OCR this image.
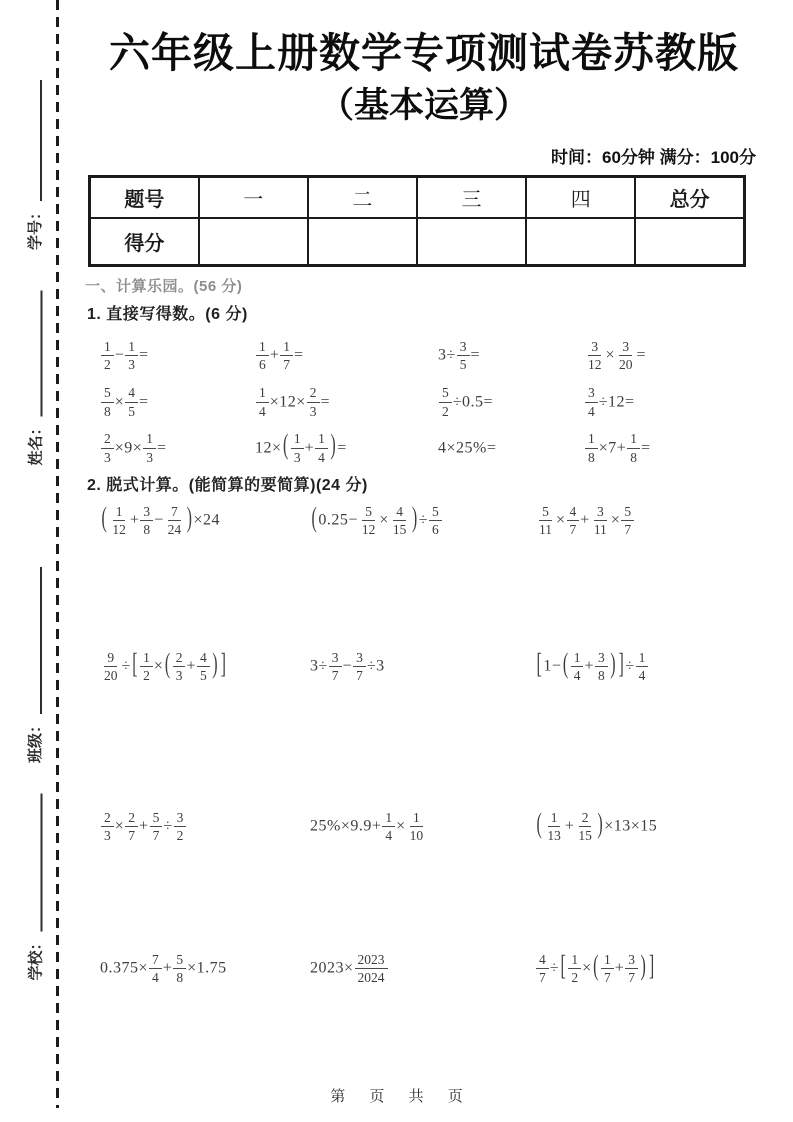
学号：
姓名：
班级：
学校：
六年级上册数学专项测试卷苏教版
（基本运算）
时间：60分钟 满分：100分
题号	一	二	三	四	总分
得分					
一、计算乐园。(56 分)
1. 直接写得数。(6 分)
$\frac{1}{2} - \frac{1}{3}$ =	$\frac{1}{6} + \frac{1}{7}$ =	$3\div \frac{3}{5}$ =	$\frac{3}{12} \times \frac{3}{20}$ =
$\frac{5}{8} \times \frac{4}{5}$ =	$\frac{1}{4} \times 12\times \frac{2}{3}$ =	$\frac{5}{2} \div 0.5=$	$\frac{3}{4} \div 12=$
$\frac{2}{3} \times 9\times \frac{1}{3}$ =	$12\times( \frac{1}{3} + \frac{1}{4}$ )=	4×25%=	$\frac{1}{8} \times 7+ \frac{1}{8}$ =
2. 脱式计算。(能简算的要简算)(24 分)
( $\frac{1}{12} + \frac{3}{8} - \frac{7}{24} )\times 24$	($0.25- \frac{5}{12} \times \frac{4}{15}$ )÷ $\frac{5}{6}$	$\frac{5}{11} \times \frac{4}{7} + \frac{3}{11} \times \frac{5}{7}$
$\frac{9}{20}$ ÷[ $\frac{1}{2}$ ×( $\frac{2}{3} + \frac{4}{5}$ ) ]	$3\div \frac{3}{7} - \frac{3}{7} \div 3$	[$1-( \frac{1}{4} + \frac{3}{8}$ ) ]÷ $\frac{1}{4}$
$\frac{2}{3} \times \frac{2}{7} + \frac{5}{7} \div \frac{3}{2}$	$25\%\times 9.9+ \frac{1}{4} \times \frac{1}{10}$	( $\frac{1}{13} + \frac{2}{15} )\times 13\times 15$
$0.375\times \frac{7}{4} + \frac{5}{8} \times 1.75$	$2023\times \frac{2023}{2024}$	$\frac{4}{7}$ ÷[ $\frac{1}{2}$ ×( $\frac{1}{7} + \frac{3}{7}$ ) ]
第 页 共 页
